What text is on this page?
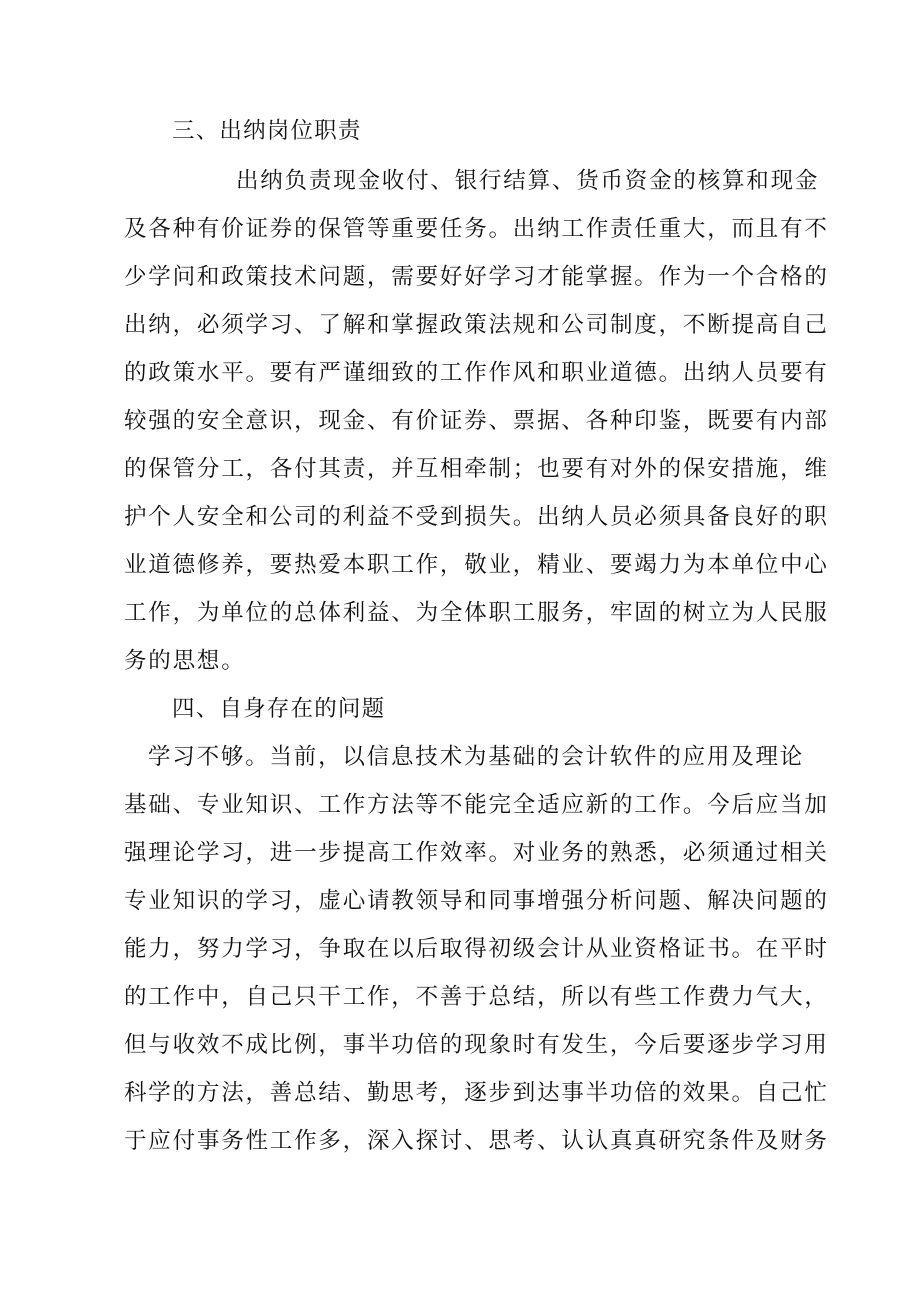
三、出纳岗位职责
出纳负责现金收付、银行结算、货币资金的核算和现金
及各种有价证券的保管等重要任务。出纳工作责任重大，而且有不
少学问和政策技术问题，需要好好学习才能掌握。作为一个合格的
出纳，必须学习、了解和掌握政策法规和公司制度，不断提高自己
的政策水平。要有严谨细致的工作作风和职业道德。出纳人员要有
较强的安全意识，现金、有价证券、票据、各种印鉴，既要有内部
的保管分工，各付其责，并互相牵制；也要有对外的保安措施，维
护个人安全和公司的利益不受到损失。出纳人员必须具备良好的职
业道德修养，要热爱本职工作，敬业，精业、要竭力为本单位中心
工作，为单位的总体利益、为全体职工服务，牢固的树立为人民服
务的思想。
四、自身存在的问题
学习不够。当前，以信息技术为基础的会计软件的应用及理论
基础、专业知识、工作方法等不能完全适应新的工作。今后应当加
强理论学习，进一步提高工作效率。对业务的熟悉，必须通过相关
专业知识的学习，虚心请教领导和同事增强分析问题、解决问题的
能力，努力学习，争取在以后取得初级会计从业资格证书。在平时
的工作中，自己只干工作，不善于总结，所以有些工作费力气大，
但与收效不成比例，事半功倍的现象时有发生，今后要逐步学习用
科学的方法，善总结、勤思考，逐步到达事半功倍的效果。自己忙
于应付事务性工作多，深入探讨、思考、认认真真研究条件及财务
